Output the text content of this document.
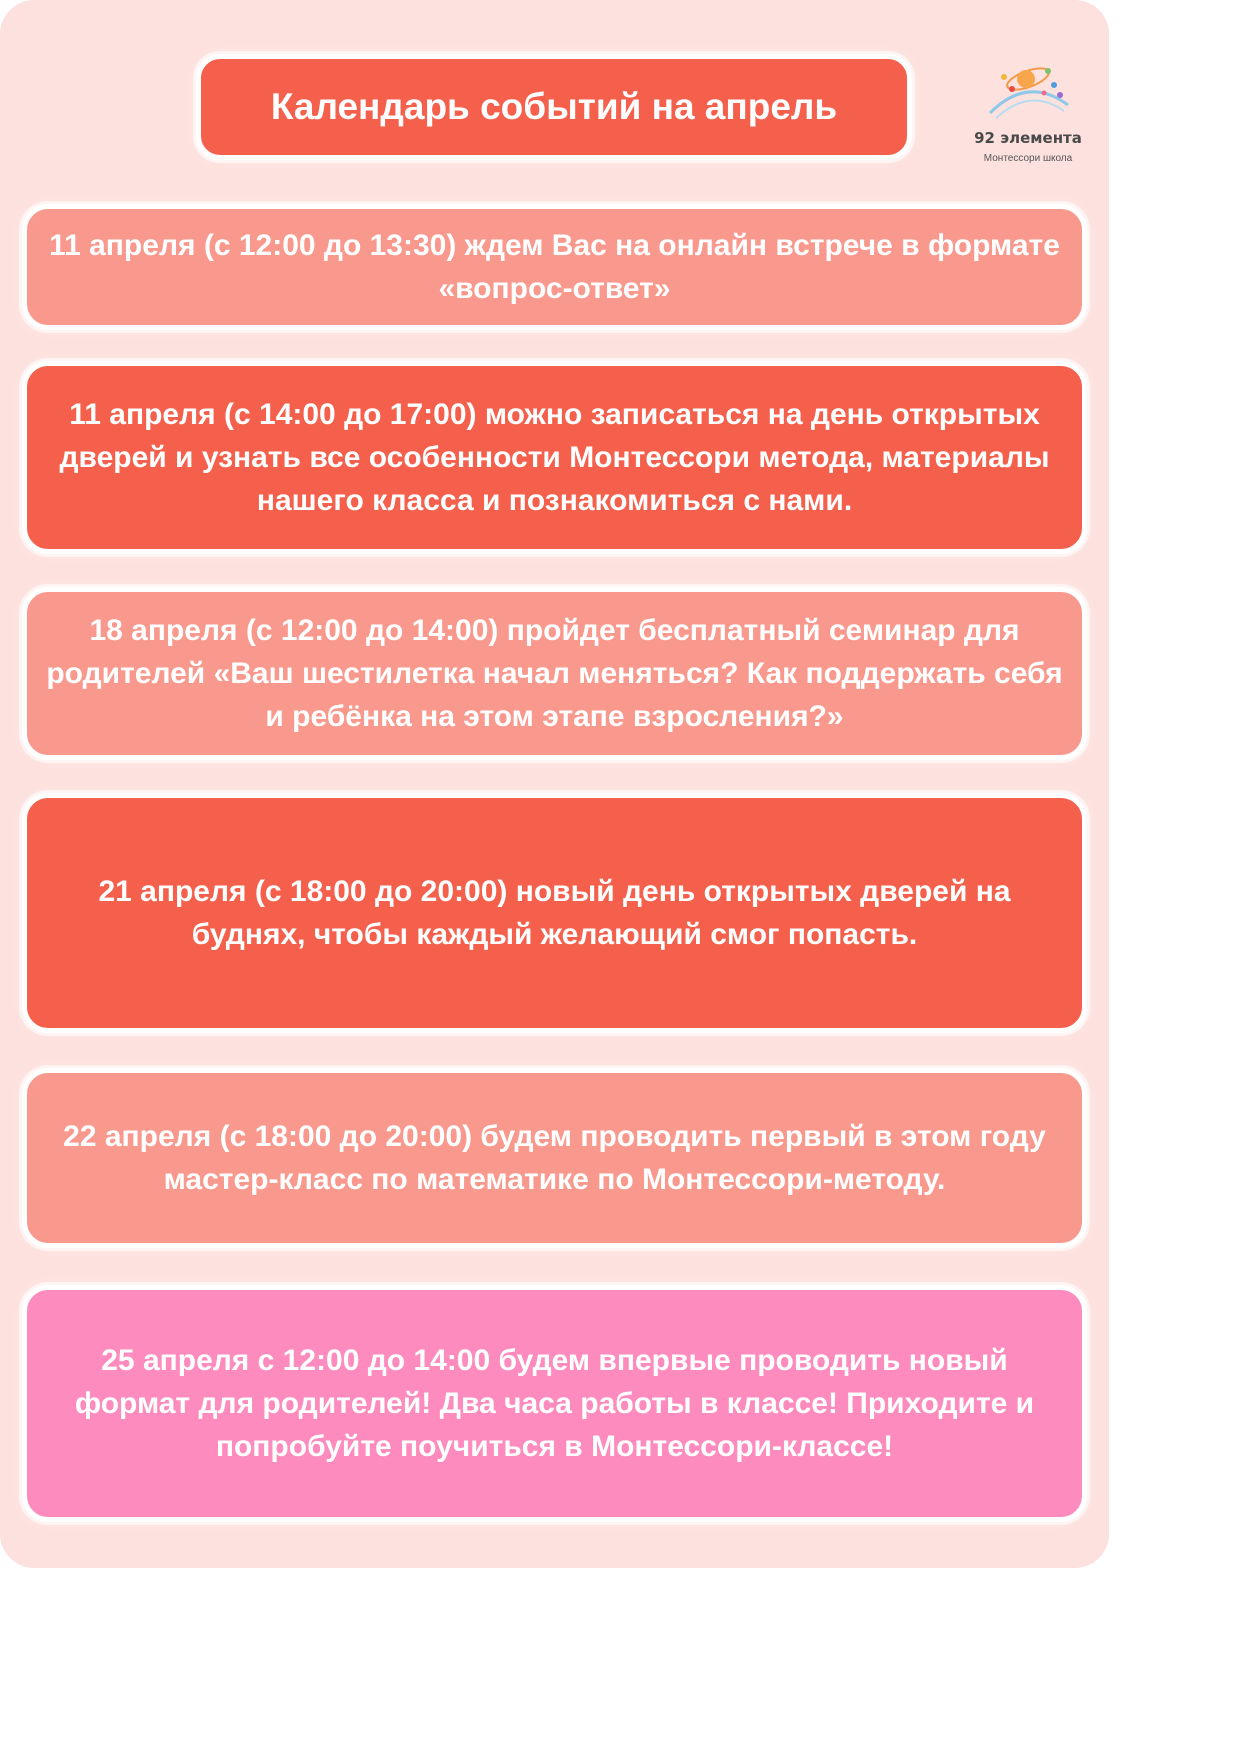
Календарь событий на апрель
92 элемента
Монтессори школа
11 апреля (с 12:00 до 13:30) ждем Вас на онлайн встрече в формате «вопрос-ответ»
11 апреля (с 14:00 до 17:00) можно записаться на день открытых дверей и узнать все особенности Монтессори метода, материалы нашего класса и познакомиться с нами.
18 апреля (с 12:00 до 14:00) пройдет бесплатный семинар для родителей «Ваш шестилетка начал меняться? Как поддержать себя и ребёнка на этом этапе взросления?»
21 апреля (с 18:00 до 20:00) новый день открытых дверей на буднях, чтобы каждый желающий смог попасть.
22 апреля (с 18:00 до 20:00) будем проводить первый в этом году мастер-класс по математике по Монтессори-методу.
25 апреля с 12:00 до 14:00 будем впервые проводить новый формат для родителей! Два часа работы в классе! Приходите и попробуйте поучиться в Монтессори-классе!
